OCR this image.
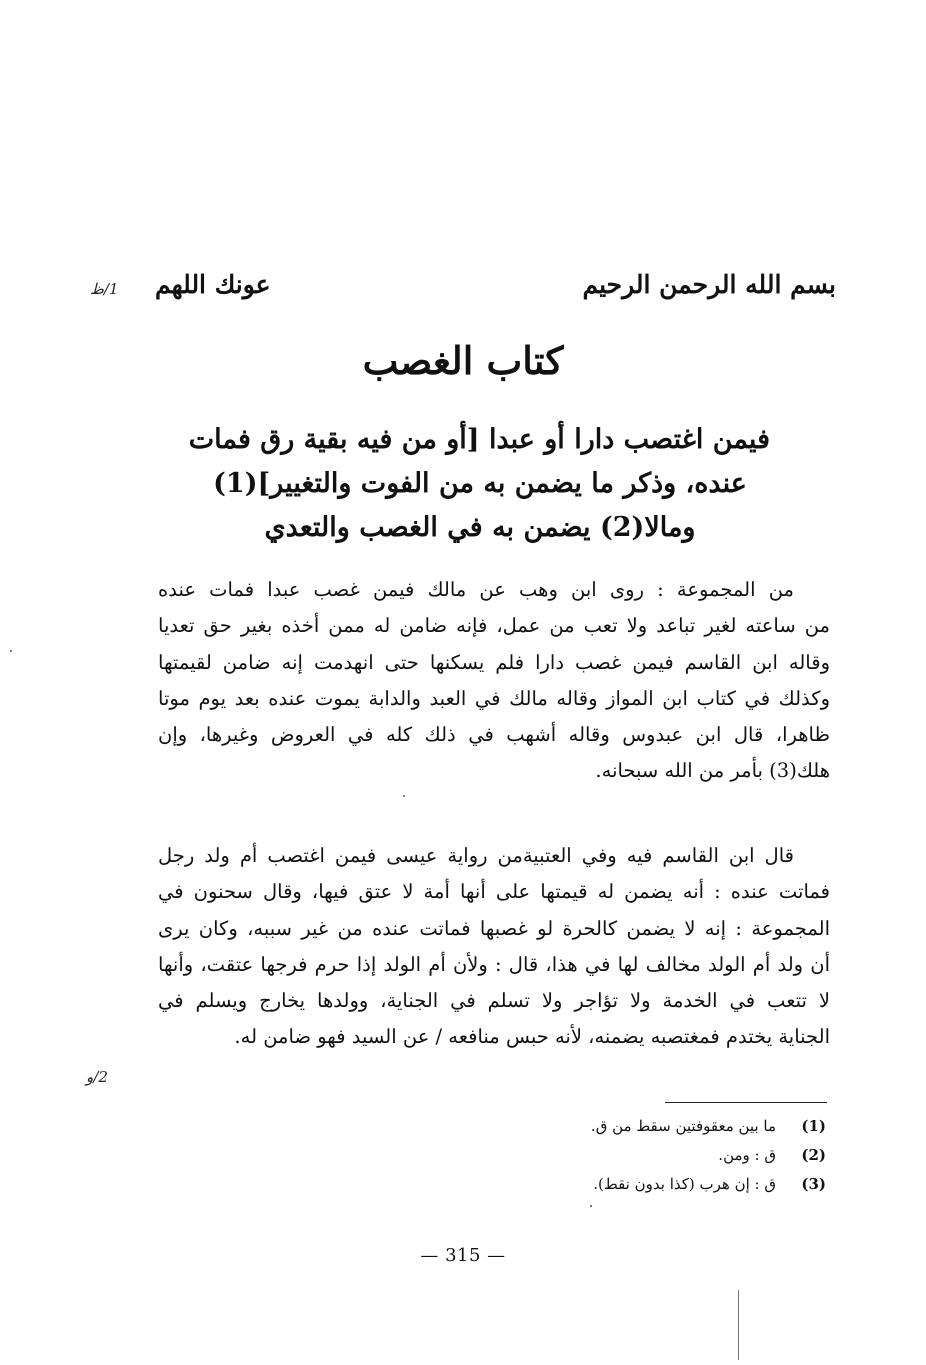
بسم الله الرحمن الرحيم
عونك اللهم
1/ظ
كتاب الغصب
فيمن اغتصب دارا أو عبدا [أو من فيه بقية رق فمات
عنده، وذكر ما يضمن به من الفوت والتغيير](1)
ومالا(2) يضمن به في الغصب والتعدي
من المجموعة : روى ابن وهب عن مالك فيمن غصب عبدا فمات عنده
من ساعته لغير تباعد ولا تعب من عمل، فإنه ضامن له ممن أخذه بغير حق تعديا
وقاله ابن القاسم فيمن غصب دارا فلم يسكنها حتى انهدمت إنه ضامن لقيمتها
وكذلك في كتاب ابن المواز وقاله مالك في العبد والدابة يموت عنده بعد يوم موتا
ظاهرا، قال ابن عبدوس وقاله أشهب في ذلك كله في العروض وغيرها، وإن
هلك(3) بأمر من الله سبحانه.
قال ابن القاسم فيه وفي العتبيةمن رواية عيسى فيمن اغتصب أم ولد رجل
فماتت عنده : أنه يضمن له قيمتها على أنها أمة لا عتق فيها، وقال سحنون في
المجموعة : إنه لا يضمن كالحرة لو غصبها فماتت عنده من غير سببه، وكان يرى
أن ولد أم الولد مخالف لها في هذا، قال : ولأن أم الولد إذا حرم فرجها عتقت، وأنها
لا تتعب في الخدمة ولا تؤاجر ولا تسلم في الجناية، وولدها يخارج ويسلم في
الجناية يختدم فمغتصبه يضمنه، لأنه حبس منافعه / عن السيد فهو ضامن له.
2/و
(1)ما بين معقوفتين سقط من ق.
(2)ق : ومن.
(3)ق : إن هرب (كذا بدون نقط).
— 315 —
